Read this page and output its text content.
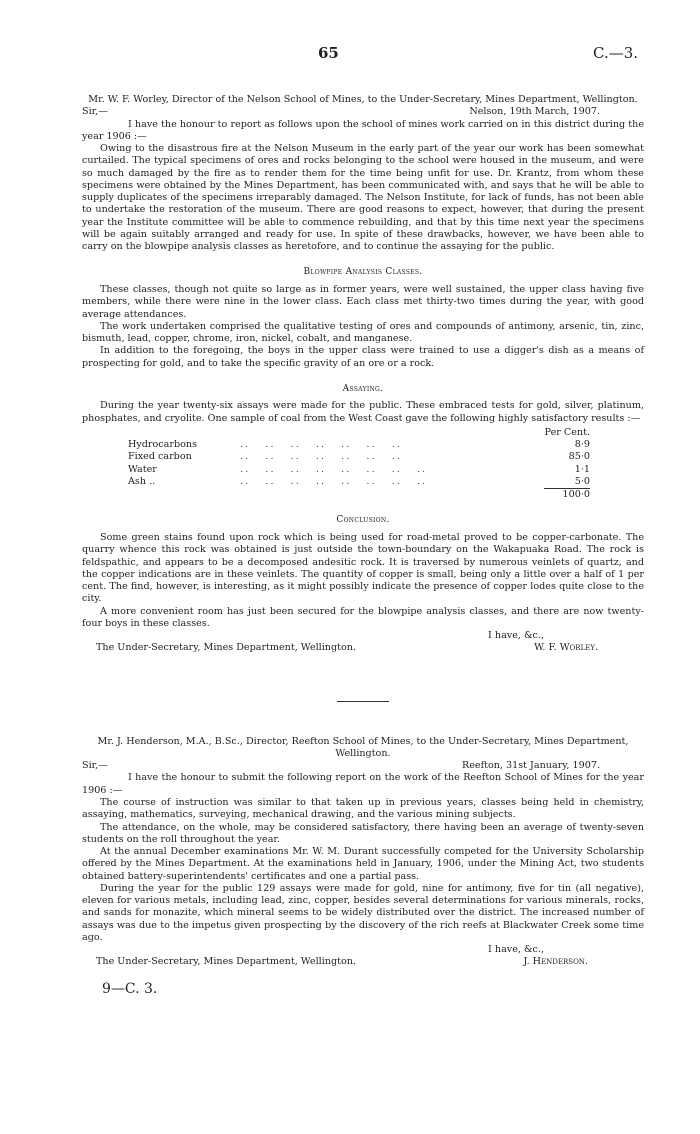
65	C.—3.
Mr. W. F. Worley, Director of the Nelson School of Mines, to the Under-Secretary, Mines Department, Wellington.
Sir,—	Nelson, 19th March, 1907.

I have the honour to report as follows upon the school of mines work carried on in this district during the year 1906 :—

Owing to the disastrous fire at the Nelson Museum in the early part of the year our work has been somewhat curtailed. The typical specimens of ores and rocks belonging to the school were housed in the museum, and were so much damaged by the fire as to render them for the time being unfit for use. Dr. Krantz, from whom these specimens were obtained by the Mines Department, has been communicated with, and says that he will be able to supply duplicates of the specimens irreparably damaged. The Nelson Institute, for lack of funds, has not been able to undertake the restoration of the museum. There are good reasons to expect, however, that during the present year the Institute committee will be able to commence rebuilding, and that by this time next year the specimens will be again suitably arranged and ready for use. In spite of these drawbacks, however, we have been able to carry on the blowpipe analysis classes as heretofore, and to continue the assaying for the public.

Blowpipe Analysis Classes.

These classes, though not quite so large as in former years, were well sustained, the upper class having five members, while there were nine in the lower class. Each class met thirty-two times during the year, with good average attendances.

The work undertaken comprised the qualitative testing of ores and compounds of antimony, arsenic, tin, zinc, bismuth, lead, copper, chrome, iron, nickel, cobalt, and manganese.

In addition to the foregoing, the boys in the upper class were trained to use a digger's dish as a means of prospecting for gold, and to take the specific gravity of an ore or a rock.

Assaying.

During the year twenty-six assays were made for the public. These embraced tests for gold, silver, platinum, phosphates, and cryolite. One sample of coal from the West Coast gave the following highly satisfactory results :—

		Per Cent.
Hydrocarbons	..   ..   ..   ..   ..   ..   ..	8·9
Fixed carbon	..   ..   ..   ..   ..   ..   ..	85·0
Water	..   ..   ..   ..   ..   ..   ..   ..	1·1
Ash ..	..   ..   ..   ..   ..   ..   ..   ..	5·0
		100·0
Conclusion.

Some green stains found upon rock which is being used for road-metal proved to be copper-carbonate. The quarry whence this rock was obtained is just outside the town-boundary on the Wakapuaka Road. The rock is feldspathic, and appears to be a decomposed andesitic rock. It is traversed by numerous veinlets of quartz, and the copper indications are in these veinlets. The quantity of copper is small, being only a little over a half of 1 per cent. The find, however, is interesting, as it might possibly indicate the presence of copper lodes quite close to the city.

A more convenient room has just been secured for the blowpipe analysis classes, and there are now twenty-four boys in these classes.

I have, &c.,
The Under-Secretary, Mines Department, Wellington.	W. F. Worley.
Mr. J. Henderson, M.A., B.Sc., Director, Reefton School of Mines, to the Under-Secretary, Mines Department, Wellington.
Sir,—	Reefton, 31st January, 1907.

I have the honour to submit the following report on the work of the Reefton School of Mines for the year 1906 :—

The course of instruction was similar to that taken up in previous years, classes being held in chemistry, assaying, mathematics, surveying, mechanical drawing, and the various mining subjects.

The attendance, on the whole, may be considered satisfactory, there having been an average of twenty-seven students on the roll throughout the year.

At the annual December examinations Mr. W. M. Durant successfully competed for the University Scholarship offered by the Mines Department. At the examinations held in January, 1906, under the Mining Act, two students obtained battery-superintendents' certificates and one a partial pass.

During the year for the public 129 assays were made for gold, nine for antimony, five for tin (all negative), eleven for various metals, including lead, zinc, copper, besides several determinations for various minerals, rocks, and sands for monazite, which mineral seems to be widely distributed over the district. The increased number of assays was due to the impetus given prospecting by the discovery of the rich reefs at Blackwater Creek some time ago.

I have, &c.,
The Under-Secretary, Mines Department, Wellington.	J. Henderson.
9—C. 3.
